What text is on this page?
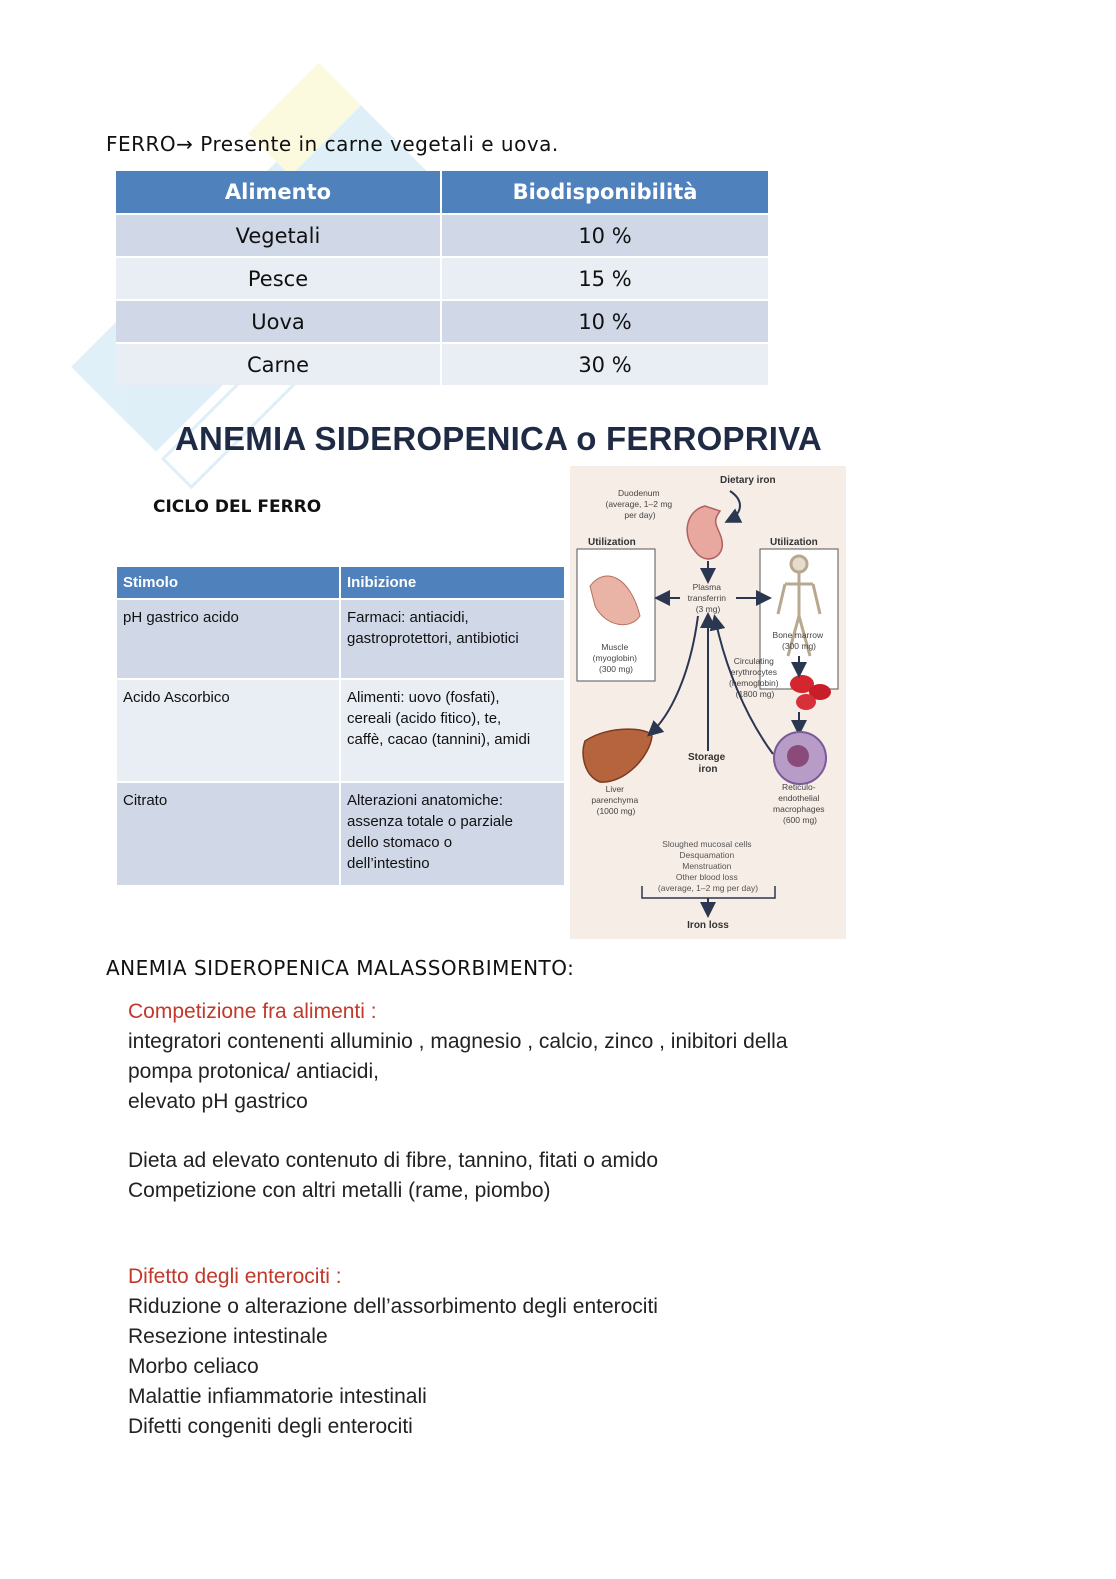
FERRO→ Presente in carne vegetali e uova.
Alimento	Biodisponibilità
Vegetali	10 %
Pesce	15 %
Uova	10 %
Carne	30 %
ANEMIA SIDEROPENICA o FERROPRIVA
CICLO DEL FERRO
Stimolo	Inibizione
pH gastrico acido	Farmaci: antiacidi,
gastroprotettori, antibiotici

Acido Ascorbico	Alimenti: uovo (fosfati),
cereali (acido fitico), te,
caffè, cacao (tannini), amidi

Citrato	Alterazioni anatomiche:
assenza totale o parziale
dello stomaco o
dell’intestino
Dietary iron
Duodenum (average, 1–2 mg per day)
Utilization	Utilization
Muscle (myoglobin) (300 mg)
Bone marrow (300 mg)
Plasma transferrin (3 mg)
Circulating erythrocytes (hemoglobin) (1800 mg)
Reticulo- endothelial macrophages (600 mg)
Liver parenchyma (1000 mg)
Storage iron
Sloughed mucosal cells Desquamation Menstruation Other blood loss (average, 1–2 mg per day)
Iron loss
ANEMIA SIDEROPENICA MALASSORBIMENTO:
Competizione fra alimenti :
integratori contenenti alluminio , magnesio , calcio, zinco , inibitori della
pompa protonica/ antiacidi,
elevato pH gastrico
Dieta ad elevato contenuto di fibre, tannino, fitati o amido
Competizione con altri metalli (rame, piombo)
Difetto degli enterociti :
Riduzione o alterazione dell’assorbimento degli enterociti
Resezione intestinale
Morbo celiaco
Malattie infiammatorie intestinali
Difetti congeniti degli enterociti
